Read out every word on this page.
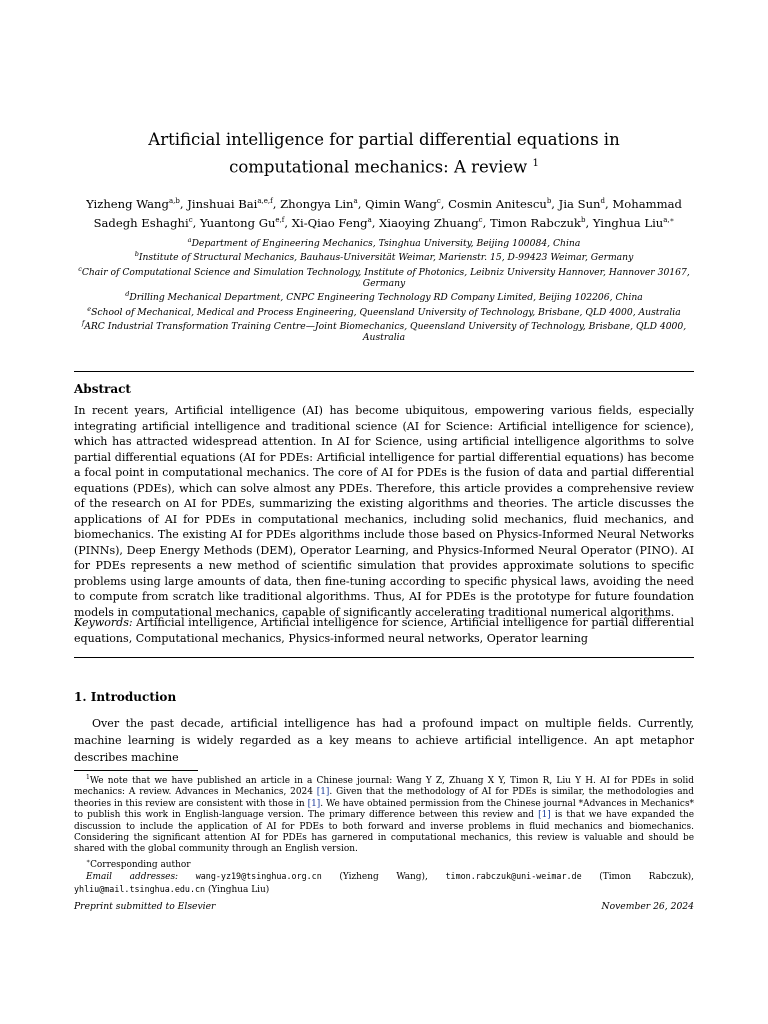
Artificial intelligence for partial differential equations in computational mechanics: A review $^1$
Yizheng Wang$^{a,b}$, Jinshuai Bai$^{a,e,f}$, Zhongya Lin$^a$, Qimin Wang$^c$, Cosmin Anitescu$^b$, Jia Sun$^d$, Mohammad Sadegh Eshaghi$^c$, Yuantong Gu$^{e,f}$, Xi-Qiao Feng$^a$, Xiaoying Zhuang$^c$, Timon Rabczuk$^b$, Yinghua Liu$^{a,∗}$
$^a$Department of Engineering Mechanics, Tsinghua University, Beijing 100084, China
$^b$Institute of Structural Mechanics, Bauhaus-Universität Weimar, Marienstr. 15, D-99423 Weimar, Germany
$^c$Chair of Computational Science and Simulation Technology, Institute of Photonics, Leibniz University Hannover, Hannover 30167, Germany
$^d$Drilling Mechanical Department, CNPC Engineering Technology RD Company Limited, Beijing 102206, China
$^e$School of Mechanical, Medical and Process Engineering, Queensland University of Technology, Brisbane, QLD 4000, Australia
$^f$ARC Industrial Transformation Training Centre—Joint Biomechanics, Queensland University of Technology, Brisbane, QLD 4000, Australia
Abstract
In recent years, Artificial intelligence (AI) has become ubiquitous, empowering various fields, especially integrating artificial intelligence and traditional science (AI for Science: Artificial intelligence for science), which has attracted widespread attention. In AI for Science, using artificial intelligence algorithms to solve partial differential equations (AI for PDEs: Artificial intelligence for partial differential equations) has become a focal point in computational mechanics. The core of AI for PDEs is the fusion of data and partial differential equations (PDEs), which can solve almost any PDEs. Therefore, this article provides a comprehensive review of the research on AI for PDEs, summarizing the existing algorithms and theories. The article discusses the applications of AI for PDEs in computational mechanics, including solid mechanics, fluid mechanics, and biomechanics. The existing AI for PDEs algorithms include those based on Physics-Informed Neural Networks (PINNs), Deep Energy Methods (DEM), Operator Learning, and Physics-Informed Neural Operator (PINO). AI for PDEs represents a new method of scientific simulation that provides approximate solutions to specific problems using large amounts of data, then fine-tuning according to specific physical laws, avoiding the need to compute from scratch like traditional algorithms. Thus, AI for PDEs is the prototype for future foundation models in computational mechanics, capable of significantly accelerating traditional numerical algorithms.
Keywords: Artificial intelligence, Artificial intelligence for science, Artificial intelligence for partial differential equations, Computational mechanics, Physics-informed neural networks, Operator learning
1. Introduction
Over the past decade, artificial intelligence has had a profound impact on multiple fields. Currently, machine learning is widely regarded as a key means to achieve artificial intelligence. An apt metaphor describes machine

$^1$We note that we have published an article in a Chinese journal: Wang Y Z, Zhuang X Y, Timon R, Liu Y H. AI for PDEs in solid mechanics: A review. Advances in Mechanics, 2024 [1]. Given that the methodology of AI for PDEs is similar, the methodologies and theories in this review are consistent with those in [1]. We have obtained permission from the Chinese journal *Advances in Mechanics* to publish this work in English-language version. The primary difference between this review and [1] is that we have expanded the discussion to include the application of AI for PDEs to both forward and inverse problems in fluid mechanics and biomechanics. Considering the significant attention AI for PDEs has garnered in computational mechanics, this review is valuable and should be shared with the global community through an English version.

∗Corresponding author

Email addresses: wang-yz19@tsinghua.org.cn (Yizheng Wang), timon.rabczuk@uni-weimar.de (Timon Rabczuk), yhliu@mail.tsinghua.edu.cn (Yinghua Liu)

Preprint submitted to Elsevier	November 26, 2024
